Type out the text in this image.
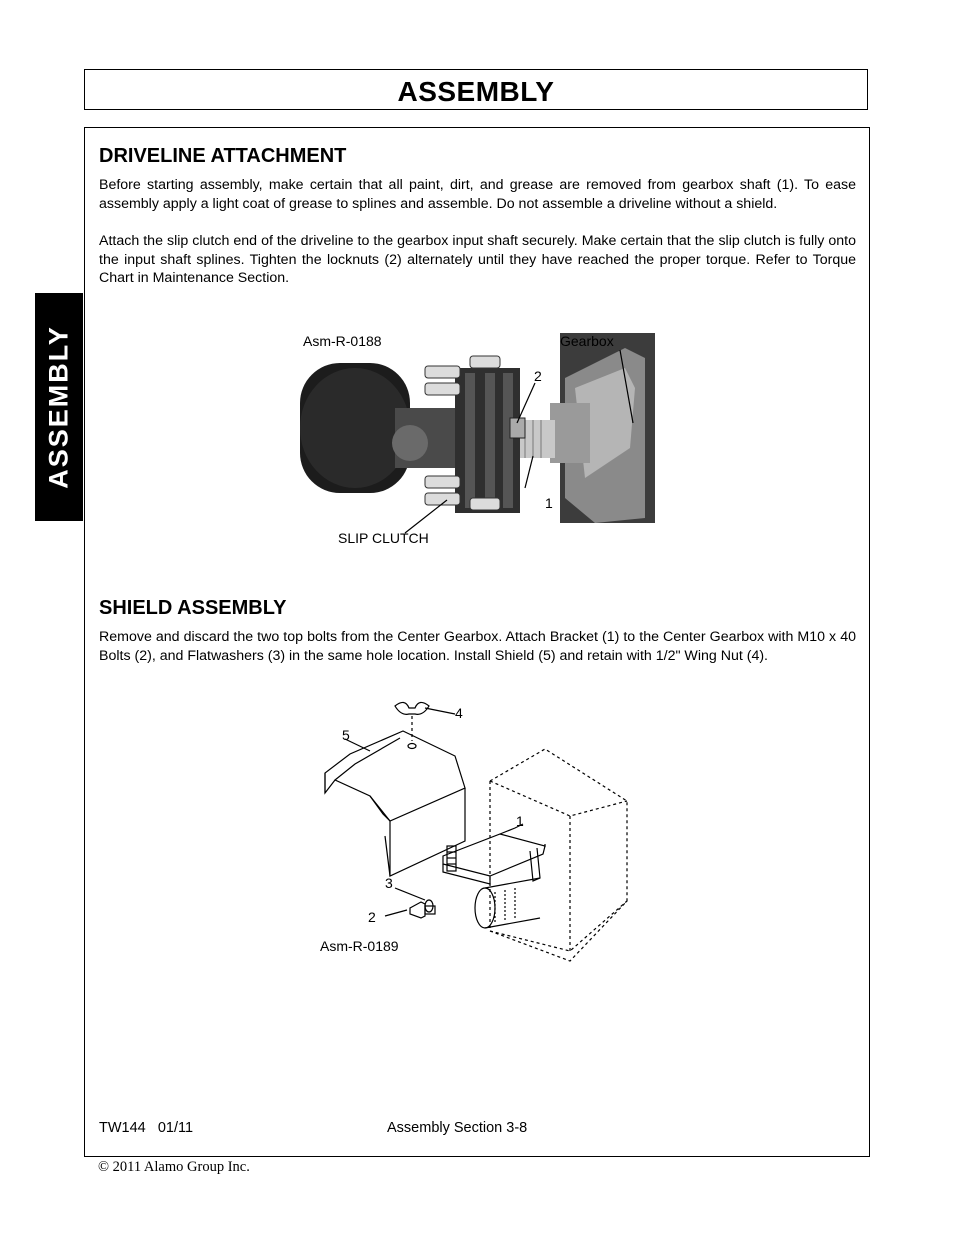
ASSEMBLY
ASSEMBLY
DRIVELINE ATTACHMENT

Before starting assembly, make certain that all paint, dirt, and grease are removed from gearbox shaft (1). To ease assembly apply a light coat of grease to splines and assemble. Do not assemble a driveline without a shield.

Attach the slip clutch end of the driveline to the gearbox input shaft securely. Make certain that the slip clutch is fully onto the input shaft splines. Tighten the locknuts (2) alternately until they have reached the proper torque. Refer to Torque Chart in Maintenance Section.

Asm-R-0188	Gearbox
2
1
SLIP CLUTCH
SHIELD ASSEMBLY

Remove and discard the two top bolts from the Center Gearbox. Attach Bracket (1) to the Center Gearbox with M10 x 40 Bolts (2), and Flatwashers (3) in the same hole location. Install Shield (5) and retain with 1/2" Wing Nut (4).

4
5
1
3
2
Asm-R-0189
TW144   01/11	Assembly Section 3-8
© 2011 Alamo Group Inc.
